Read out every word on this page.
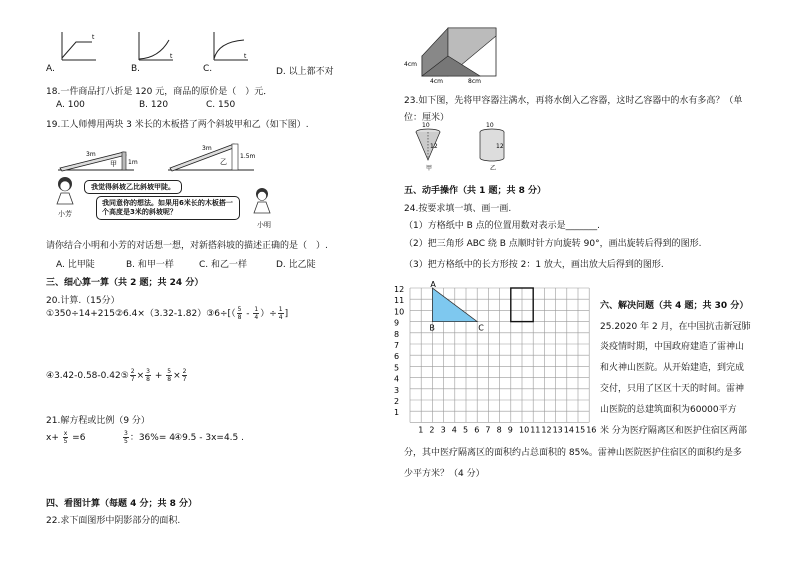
t
t	t
A.	B.	C.	D. 以上都不对
18.一件商品打八折是 120 元，商品的原价是（　）元．
A. 100	B. 120	C. 150
19.工人师傅用两块 3 米长的木板搭了两个斜坡甲和乙（如下图）.
3m
甲 1m
3m
乙
1.5m
小芳
我觉得斜坡乙比斜坡甲陡。
我同意你的想法。如果用6米长的木板搭一个高度是3米的斜坡呢？
小明
请你结合小明和小芳的对话想一想，对新搭斜坡的描述正确的是（　）.
A. 比甲陡	B. 和甲一样	C. 和乙一样	D. 比乙陡
三、细心算一算（共 2 题；共 24 分）
20.计算.（15分）
①350÷14+215②6.4×（3.32-1.82）③6÷[（ $\frac{5}{8} - \frac{1}{4}$ ）÷ $\frac{1}{4}$ ]
④3.42-0.58-0.42⑤ $\frac{2}{7} \times \frac{3}{8} + \frac{5}{8} \times \frac{2}{7}$
21.解方程或比例（9 分）
$x+ \frac{x}{5} =6$	$\frac{3}{5}$ ：36%= 4 ④9.5 - 3x=4.5 .
四、看图计算（每题 4 分；共 8 分）
22.求下面图形中阴影部分的面积.
4cm
4cm	8cm
23.如下图，先将甲容器注满水，再将水倒入乙容器，这时乙容器中的水有多高？（单
位：厘米）
10
12
甲
10
12
乙
五、动手操作（共 1 题；共 8 分）
24.按要求填一填、画一画.
（1）方格纸中 B 点的位置用数对表示是_______.
（2）把三角形 ABC 绕 B 点顺时针方向旋转 90°，画出旋转后得到的图形.
（3）把方格纸中的长方形按 2：1 放大，画出放大后得到的图形.
12
11
10
9
8
7
6
5
4
3
2
1
1 2 3 4 5 6 7 8 9 10 11 12 13 14 15 16
A
B	C
六、解决问题（共 4 题；共 30 分）
25.2020 年 2 月，在中国抗击新冠肺
炎疫情时期，中国政府建造了雷神山
和火神山医院。从开始建造，到完成
交付，只用了区区十天的时间。雷神
山医院的总建筑面积为60000平方
米 分为医疗隔离区和医护住宿区两部
分，其中医疗隔离区的面积约占总面积的 85%。雷神山医院医护住宿区的面积约是多
少平方米？（4 分）
